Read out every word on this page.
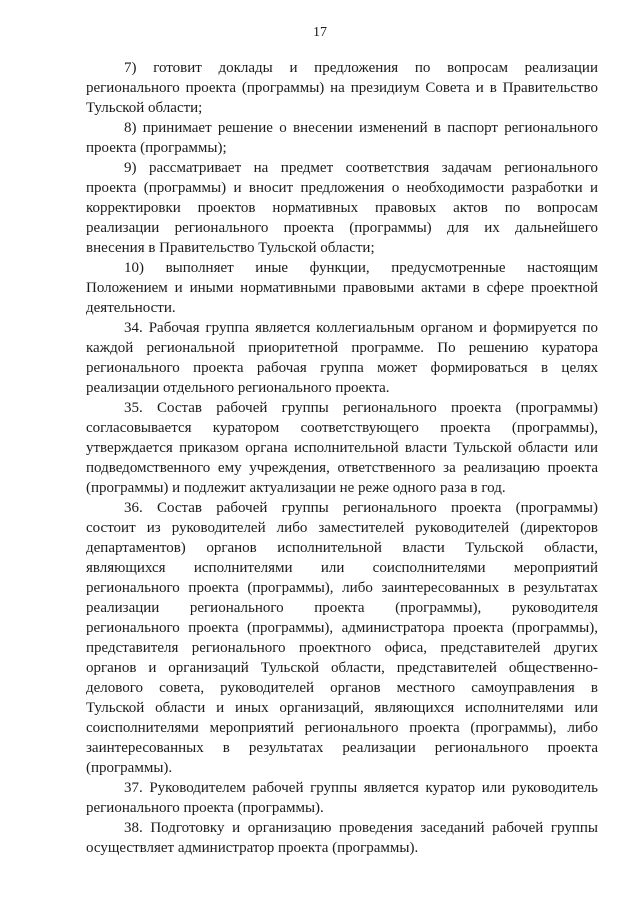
17

7) готовит доклады и предложения по вопросам реализации
регионального проекта (программы) на президиум Совета и в Правительство
Тульской области;

8) принимает решение о внесении изменений в паспорт регионального
проекта (программы);

9) рассматривает на предмет соответствия задачам регионального
проекта (программы) и вносит предложения о необходимости разработки и
корректировки проектов нормативных правовых актов по вопросам
реализации регионального проекта (программы) для их дальнейшего
внесения в Правительство Тульской области;

10) выполняет иные функции, предусмотренные настоящим
Положением и иными нормативными правовыми актами в сфере проектной
деятельности.

34. Рабочая группа является коллегиальным органом и формируется по
каждой региональной приоритетной программе. По решению куратора
регионального проекта рабочая группа может формироваться в целях
реализации отдельного регионального проекта.

35. Состав рабочей группы регионального проекта (программы)
согласовывается куратором соответствующего проекта (программы),
утверждается приказом органа исполнительной власти Тульской области или
подведомственного ему учреждения, ответственного за реализацию проекта
(программы) и подлежит актуализации не реже одного раза в год.

36. Состав рабочей группы регионального проекта (программы)
состоит из руководителей либо заместителей руководителей (директоров
департаментов) органов исполнительной власти Тульской области,
являющихся исполнителями или соисполнителями мероприятий
регионального проекта (программы), либо заинтересованных в результатах
реализации регионального проекта (программы), руководителя
регионального проекта (программы), администратора проекта (программы),
представителя регионального проектного офиса, представителей других
органов и организаций Тульской области, представителей общественно-
делового совета, руководителей органов местного самоуправления в
Тульской области и иных организаций, являющихся исполнителями или
соисполнителями мероприятий регионального проекта (программы), либо
заинтересованных в результатах реализации регионального проекта
(программы).

37. Руководителем рабочей группы является куратор или руководитель
регионального проекта (программы).

38. Подготовку и организацию проведения заседаний рабочей группы
осуществляет администратор проекта (программы).
